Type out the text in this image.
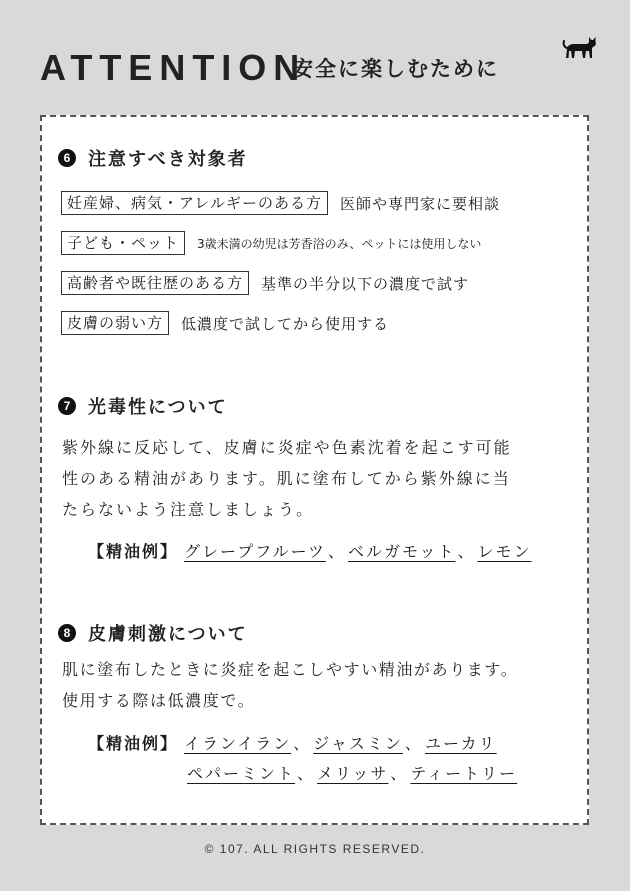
ATTENTION
安全に楽しむために
6 注意すべき対象者
妊産婦、病気・アレルギーのある方	医師や専門家に要相談
子ども・ペット	3歳未満の幼児は芳香浴のみ、ペットには使用しない
高齢者や既往歴のある方	基準の半分以下の濃度で試す
皮膚の弱い方	低濃度で試してから使用する
7 光毒性について
紫外線に反応して、皮膚に炎症や色素沈着を起こす可能
性のある精油があります。肌に塗布してから紫外線に当
たらないよう注意しましょう。
【精油例】 グレープフルーツ 、 ベルガモット 、 レモン
8 皮膚刺激について
肌に塗布したときに炎症を起こしやすい精油があります。
使用する際は低濃度で。
【精油例】 イランイラン 、 ジャスミン 、 ユーカリ
ペパーミント 、 メリッサ 、 ティートリー
© 107. ALL RIGHTS RESERVED.
